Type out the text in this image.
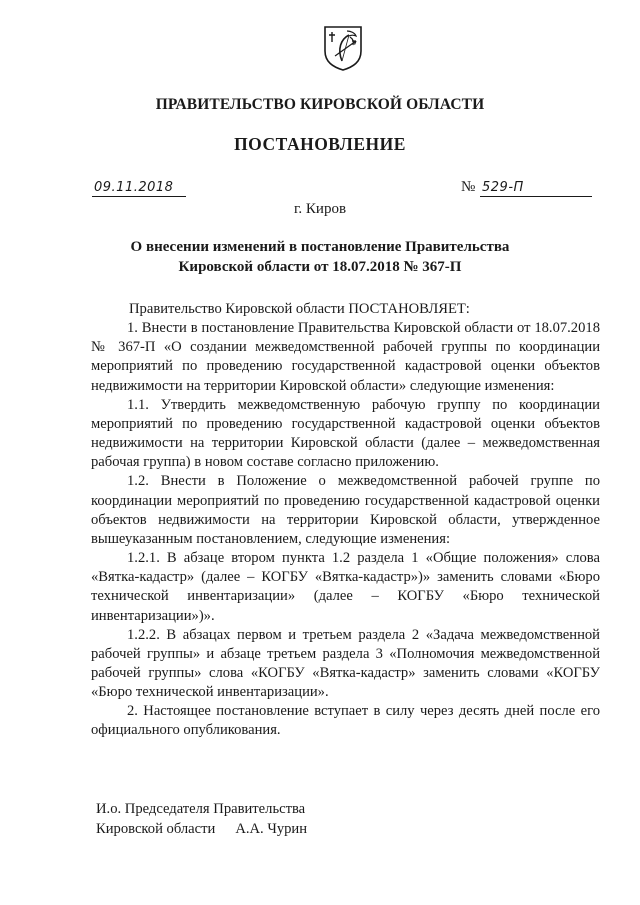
ПРАВИТЕЛЬСТВО КИРОВСКОЙ ОБЛАСТИ
ПОСТАНОВЛЕНИЕ
09.11.2018	№ 529-П
г. Киров
О внесении изменений в постановление Правительства
Кировской области от 18.07.2018 № 367-П

Правительство Кировской области ПОСТАНОВЛЯЕТ:

1. Внести в постановление Правительства Кировской области от 18.07.2018 № 367-П «О создании межведомственной рабочей группы по координации мероприятий по проведению государственной кадастровой оценки объектов недвижимости на территории Кировской области» следующие изменения:

1.1. Утвердить межведомственную рабочую группу по координации мероприятий по проведению государственной кадастровой оценки объектов недвижимости на территории Кировской области (далее – межведомственная рабочая группа) в новом составе согласно приложению.

1.2. Внести в Положение о межведомственной рабочей группе по координации мероприятий по проведению государственной кадастровой оценки объектов недвижимости на территории Кировской области, утвержденное вышеуказанным постановлением, следующие изменения:

1.2.1. В абзаце втором пункта 1.2 раздела 1 «Общие положения» слова «Вятка-кадастр» (далее – КОГБУ «Вятка-кадастр»)» заменить словами «Бюро технической инвентаризации» (далее – КОГБУ «Бюро технической инвентаризации»)».

1.2.2. В абзацах первом и третьем раздела 2 «Задача межведомственной рабочей группы» и абзаце третьем раздела 3 «Полномочия межведомственной рабочей группы» слова «КОГБУ «Вятка-кадастр» заменить словами «КОГБУ «Бюро технической инвентаризации».

2. Настоящее постановление вступает в силу через десять дней после его официального опубликования.

И.о. Председателя Правительства
Кировской области А.А. Чурин
